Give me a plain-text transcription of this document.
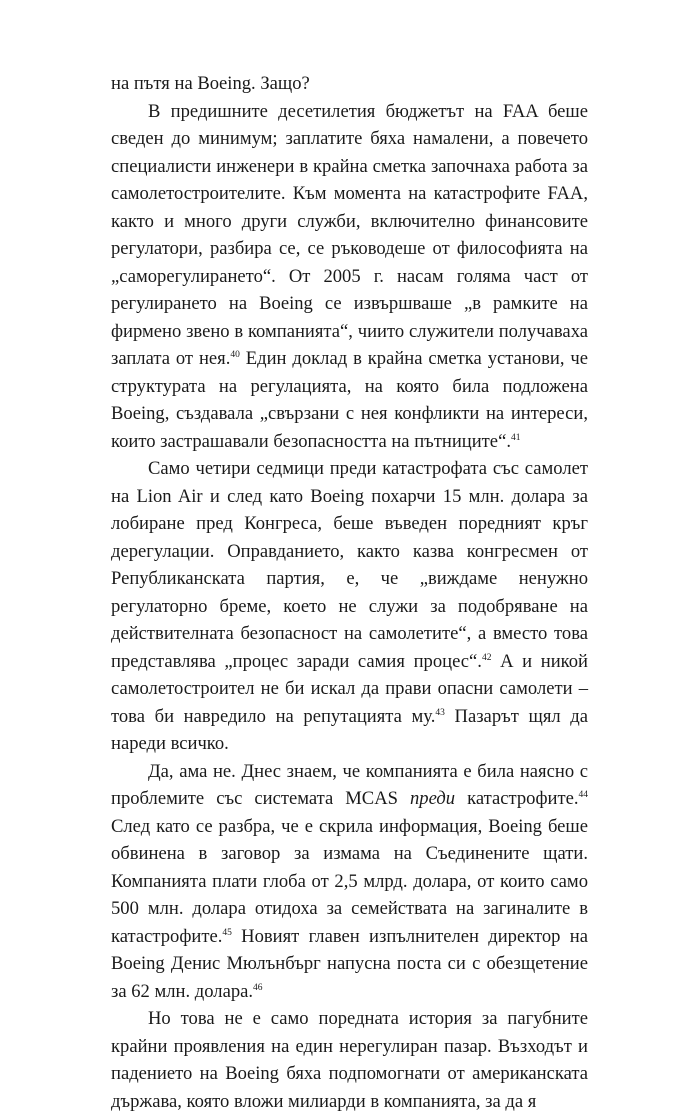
на пътя на Boeing. Защо?

В предишните десетилетия бюджетът на FAA беше сведен до минимум; заплатите бяха намалени, а повечето специалисти инженери в крайна сметка започнаха работа за самолетостроителите. Към момента на катастрофите FAA, както и много други служби, включително финансовите регулатори, разбира се, се ръководеше от философията на „саморегулирането“. От 2005 г. насам голяма част от регулирането на Boeing се извършваше „в рамките на фирмено звено в компанията“, чиито служители получаваха заплата от нея.$^{40}$ Един доклад в крайна сметка установи, че структурата на регулацията, на която била подложена Boeing, създавала „свързани с нея конфликти на интереси, които застрашавали безопасността на пътниците“.$^{41}$

Само четири седмици преди катастрофата със самолет на Lion Air и след като Boeing похарчи 15 млн. долара за лобиране пред Конгреса, беше въведен поредният кръг дерегулации. Оправданието, както казва конгресмен от Републиканската партия, е, че „виждаме ненужно регулаторно бреме, което не служи за подобряване на действителната безопасност на самолетите“, а вместо това представлява „процес заради самия процес“.$^{42}$ А и никой самолетостроител не би искал да прави опасни самолети – това би навредило на репутацията му.$^{43}$ Пазарът щял да нареди всичко.

Да, ама не. Днес знаем, че компанията е била наясно с проблемите със системата MCAS преди катастрофите.$^{44}$ След като се разбра, че е скрила информация, Boeing беше обвинена в заговор за измама на Съединените щати. Компанията плати глоба от 2,5 млрд. долара, от които само 500 млн. долара отидоха за семействата на загиналите в катастрофите.$^{45}$ Новият главен изпълнителен директор на Boeing Денис Мюлънбърг напусна поста си с обезщетение за 62 млн. долара.$^{46}$

Но това не е само поредната история за пагубните крайни проявления на един нерегулиран пазар. Възходът и падението на Boeing бяха подпомогнати от американската държава, която вложи милиарди в компанията, за да я
